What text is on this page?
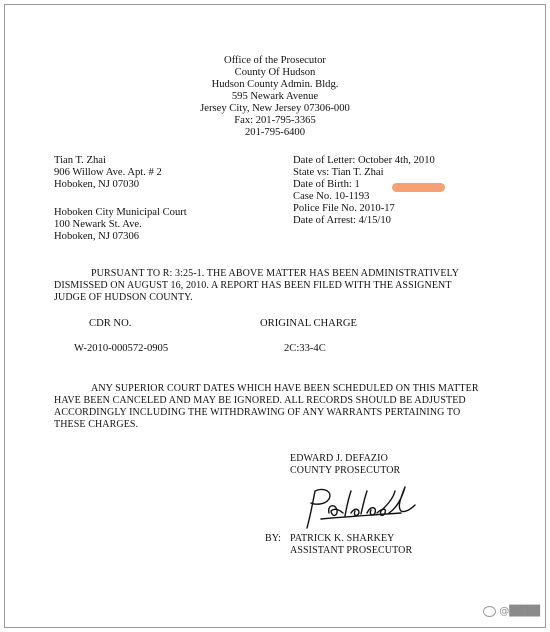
Office of the Prosecutor
County Of Hudson
Hudson County Admin. Bldg.
595 Newark Avenue
Jersey City, New Jersey 07306-000
Fax: 201-795-3365
201-795-6400
Tian T. Zhai
906 Willow Ave. Apt. # 2
Hoboken, NJ 07030
Hoboken City Municipal Court
100 Newark St. Ave.
Hoboken, NJ 07306
Date of Letter: October 4th, 2010
State vs: Tian T. Zhai
Date of Birth: 1
Case No. 10-1193
Police File No. 2010-17
Date of Arrest: 4/15/10
PURSUANT TO R: 3:25-1. THE ABOVE MATTER HAS BEEN ADMINISTRATIVELY
DISMISSED ON AUGUST 16, 2010. A REPORT HAS BEEN FILED WITH THE ASSIGNENT
JUDGE OF HUDSON COUNTY.
CDR NO.	ORIGINAL CHARGE
W-2010-000572-0905	2C:33-4C
ANY SUPERIOR COURT DATES WHICH HAVE BEEN SCHEDULED ON THIS MATTER
HAVE BEEN CANCELED AND MAY BE IGNORED. ALL RECORDS SHOULD BE ADJUSTED
ACCORDINGLY INCLUDING THE WITHDRAWING OF ANY WARRANTS PERTAINING TO
THESE CHARGES.
EDWARD J. DEFAZIO
COUNTY PROSECUTOR
BY: PATRICK K. SHARKEY
ASSISTANT PROSECUTOR
@████
